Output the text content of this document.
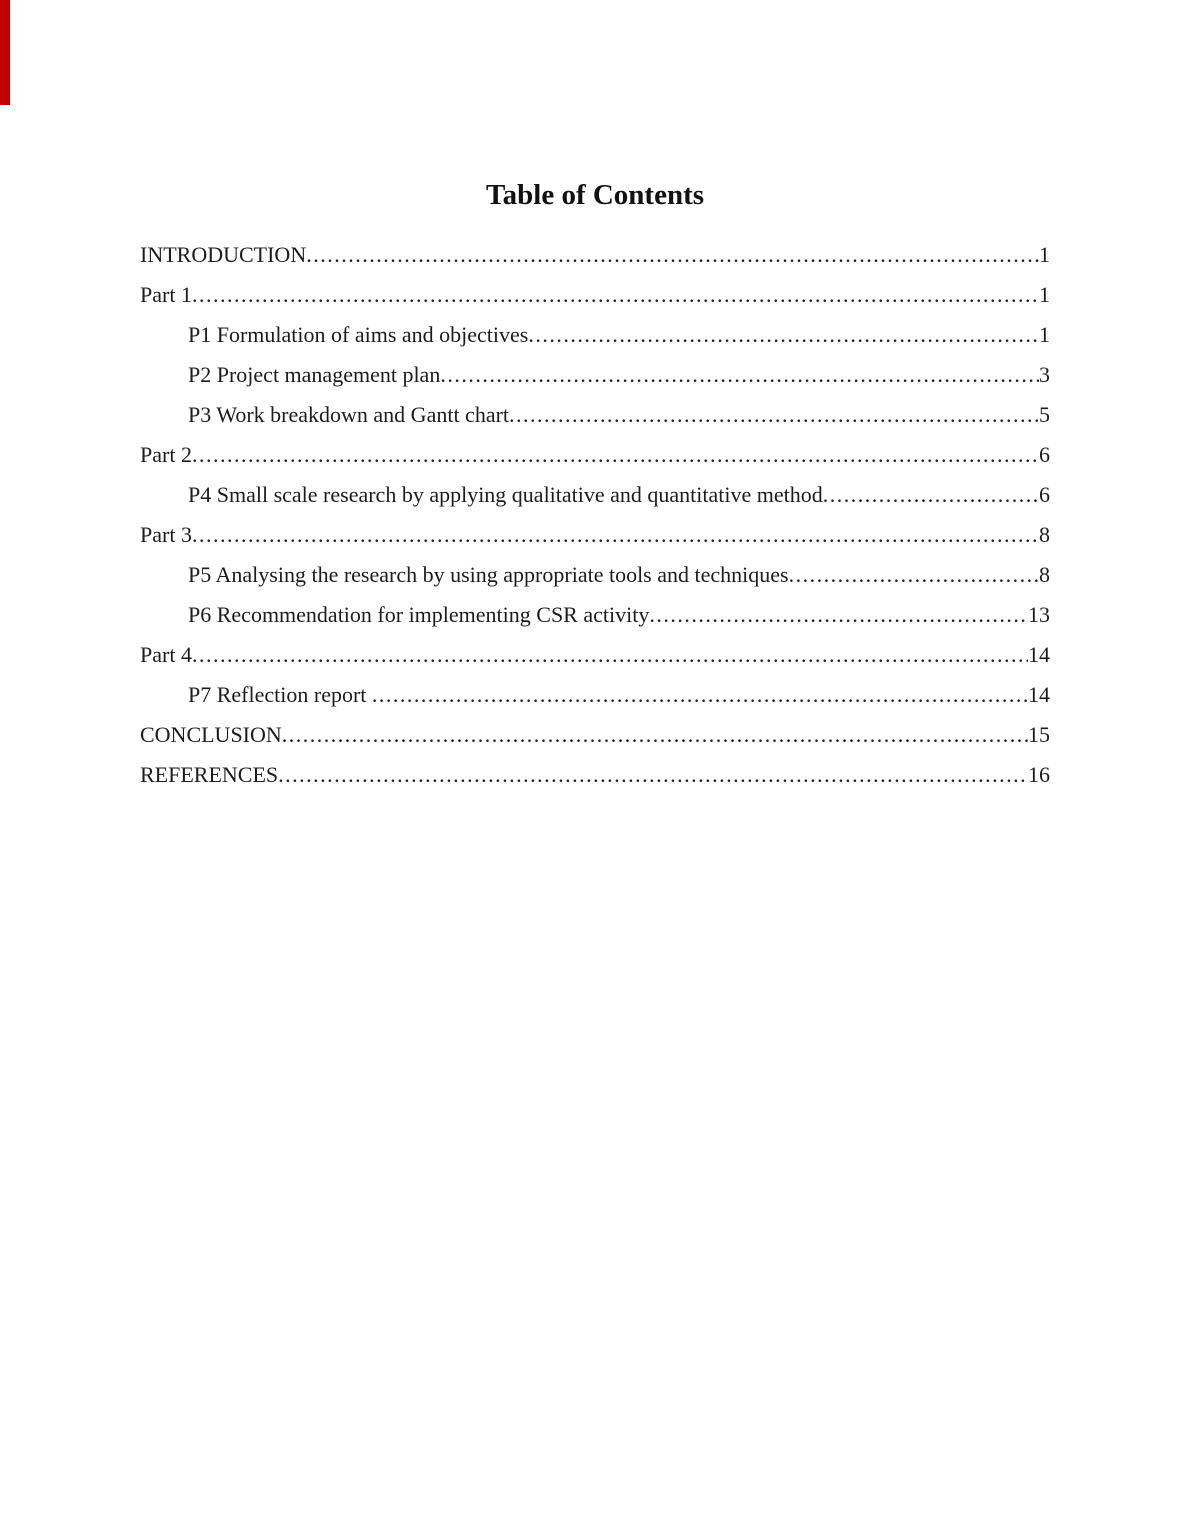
Table of Contents
INTRODUCTION .....	1
Part 1 .....	1
P1 Formulation of aims and objectives .....	1
P2 Project management plan .....	3
P3 Work breakdown and Gantt chart .....	5
Part 2 .....	6
P4 Small scale research by applying qualitative and quantitative method .....	6
Part 3 .....	8
P5 Analysing the research by using appropriate tools and techniques .....	8
P6 Recommendation for implementing CSR activity .....	13
Part 4 .....	14
P7 Reflection report .....	14
CONCLUSION .....	15
REFERENCES .....	16
